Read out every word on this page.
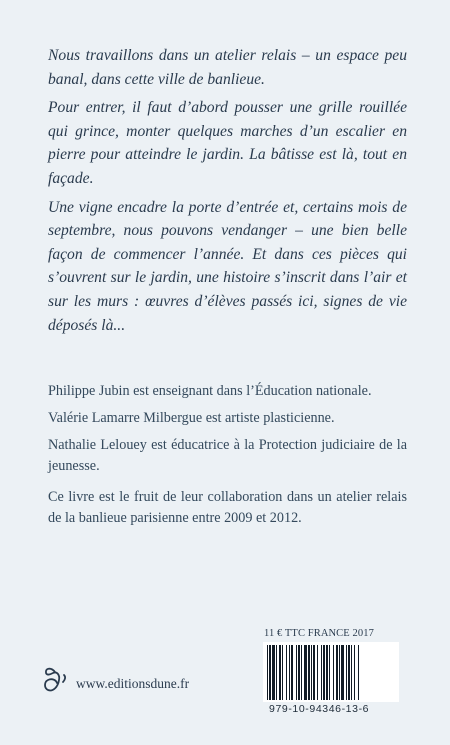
Nous travaillons dans un atelier relais – un espace peu banal, dans cette ville de banlieue.

Pour entrer, il faut d’abord pousser une grille rouillée qui grince, monter quelques marches d’un escalier en pierre pour atteindre le jardin. La bâtisse est là, tout en façade.

Une vigne encadre la porte d’entrée et, certains mois de septembre, nous pouvons vendanger – une bien belle façon de commencer l’année. Et dans ces pièces qui s’ouvrent sur le jardin, une histoire s’inscrit dans l’air et sur les murs : œuvres d’élèves passés ici, signes de vie déposés là...

Philippe Jubin est enseignant dans l’Éducation nationale.

Valérie Lamarre Milbergue est artiste plasticienne.

Nathalie Lelouey est éducatrice à la Protection judiciaire de la jeunesse.

Ce livre est le fruit de leur collaboration dans un atelier relais de la banlieue parisienne entre 2009 et 2012.

www.editionsdune.fr
11 € TTC FRANCE 2017
979-10-94346-13-6
